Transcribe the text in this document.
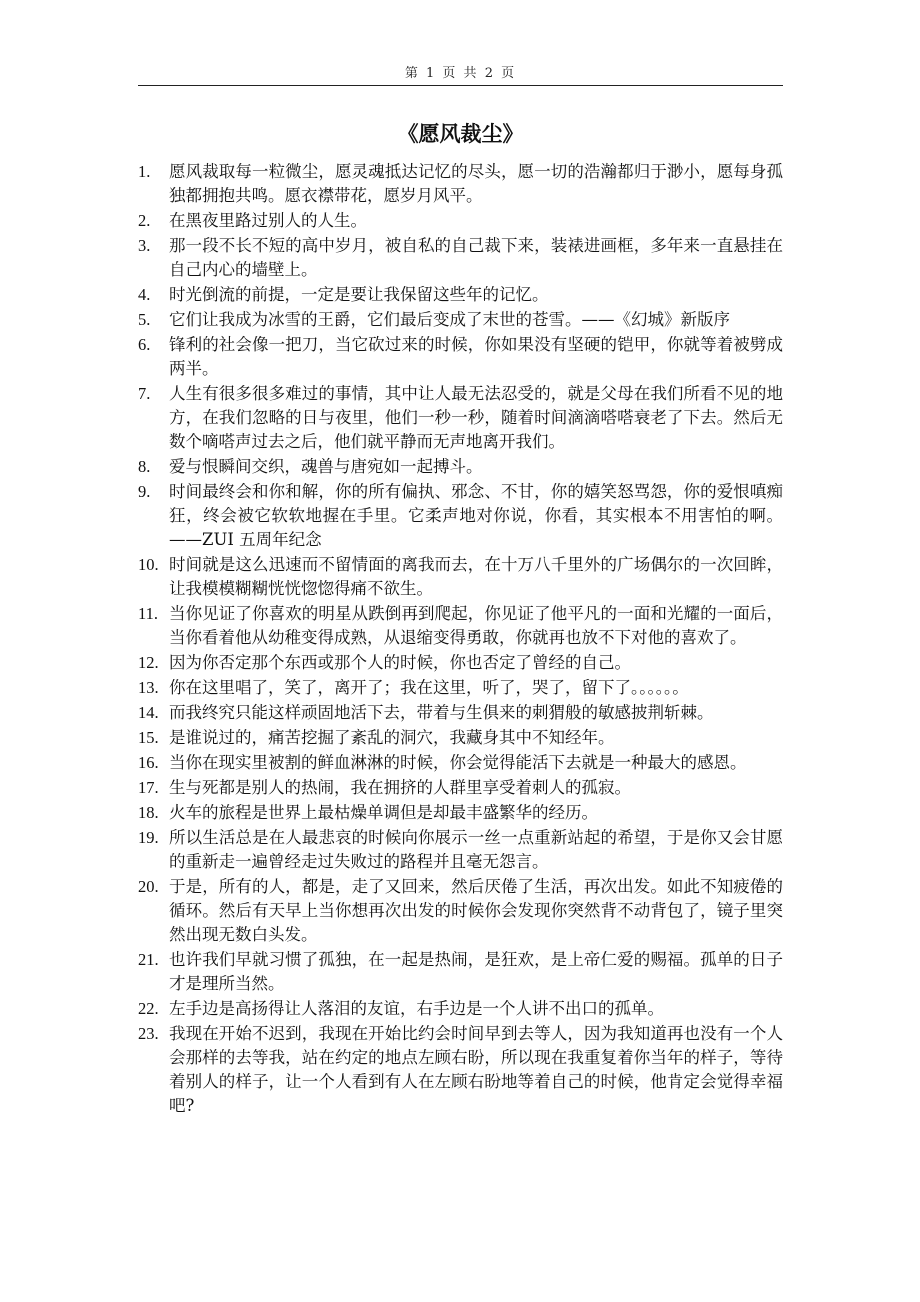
第 1 页 共 2 页
《愿风裁尘》
1. 愿风裁取每一粒微尘，愿灵魂抵达记忆的尽头，愿一切的浩瀚都归于渺小，愿每身孤独都拥抱共鸣。愿衣襟带花，愿岁月风平。
2. 在黑夜里路过别人的人生。
3. 那一段不长不短的高中岁月，被自私的自己裁下来，装裱进画框，多年来一直悬挂在自己内心的墙壁上。
4. 时光倒流的前提，一定是要让我保留这些年的记忆。
5. 它们让我成为冰雪的王爵，它们最后变成了末世的苍雪。——《幻城》新版序
6. 锋利的社会像一把刀，当它砍过来的时候，你如果没有坚硬的铠甲，你就等着被劈成两半。
7. 人生有很多很多难过的事情，其中让人最无法忍受的，就是父母在我们所看不见的地方，在我们忽略的日与夜里，他们一秒一秒，随着时间滴滴嗒嗒衰老了下去。然后无数个嘀嗒声过去之后，他们就平静而无声地离开我们。
8. 爱与恨瞬间交织，魂兽与唐宛如一起搏斗。
9. 时间最终会和你和解，你的所有偏执、邪念、不甘，你的嬉笑怒骂怨，你的爱恨嗔痴狂，终会被它软软地握在手里。它柔声地对你说，你看，其实根本不用害怕的啊。——ZUI 五周年纪念
10. 时间就是这么迅速而不留情面的离我而去，在十万八千里外的广场偶尔的一次回眸，让我模模糊糊恍恍惚惚得痛不欲生。
11. 当你见证了你喜欢的明星从跌倒再到爬起，你见证了他平凡的一面和光耀的一面后，当你看着他从幼稚变得成熟，从退缩变得勇敢，你就再也放不下对他的喜欢了。
12. 因为你否定那个东西或那个人的时候，你也否定了曾经的自己。
13. 你在这里唱了，笑了，离开了；我在这里，听了，哭了，留下了。。。。。。
14. 而我终究只能这样顽固地活下去，带着与生俱来的刺猬般的敏感披荆斩棘。
15. 是谁说过的，痛苦挖掘了紊乱的洞穴，我藏身其中不知经年。
16. 当你在现实里被割的鲜血淋淋的时候，你会觉得能活下去就是一种最大的感恩。
17. 生与死都是别人的热闹，我在拥挤的人群里享受着刺人的孤寂。
18. 火车的旅程是世界上最枯燥单调但是却最丰盛繁华的经历。
19. 所以生活总是在人最悲哀的时候向你展示一丝一点重新站起的希望，于是你又会甘愿的重新走一遍曾经走过失败过的路程并且毫无怨言。
20. 于是，所有的人，都是，走了又回来，然后厌倦了生活，再次出发。如此不知疲倦的循环。然后有天早上当你想再次出发的时候你会发现你突然背不动背包了，镜子里突然出现无数白头发。
21. 也许我们早就习惯了孤独，在一起是热闹，是狂欢，是上帝仁爱的赐福。孤单的日子才是理所当然。
22. 左手边是高扬得让人落泪的友谊，右手边是一个人讲不出口的孤单。
23. 我现在开始不迟到，我现在开始比约会时间早到去等人，因为我知道再也没有一个人会那样的去等我，站在约定的地点左顾右盼，所以现在我重复着你当年的样子，等待着别人的样子，让一个人看到有人在左顾右盼地等着自己的时候，他肯定会觉得幸福吧?
